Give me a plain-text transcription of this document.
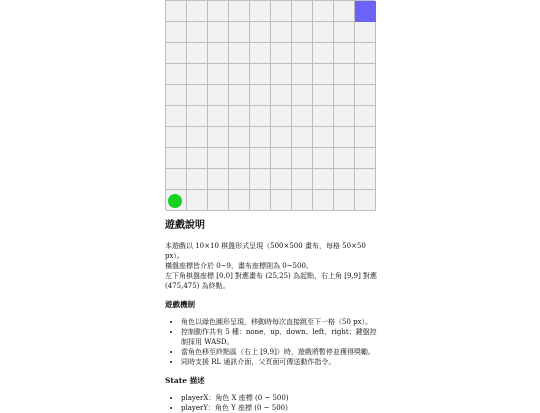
遊戲說明

本遊戲以 10×10 棋盤形式呈現（500×500 畫布，每格 50×50 px）。

橫盤座標皆介於 0~9，畫布座標則為 0~500。

左下角棋盤座標 [0,0] 對應畫布 (25,25) 為起點，右上角 [9,9] 對應 (475,475) 為終點。

遊戲機制
• 角色以綠色圓形呈現，移動時每次直接跳至下一格（50 px）。
• 控制動作共有 5 種：none、up、down、left、right；鍵盤控制採用 WASD。
• 當角色移至終點區（右上 [9,9]）時，遊戲將暫停並獲得獎勵。
• 同時支援 RL 通訊介面，父頁面可傳送動作指令。
State 描述
• playerX：角色 X 座標 (0 ~ 500)
• playerY：角色 Y 座標 (0 ~ 500)
